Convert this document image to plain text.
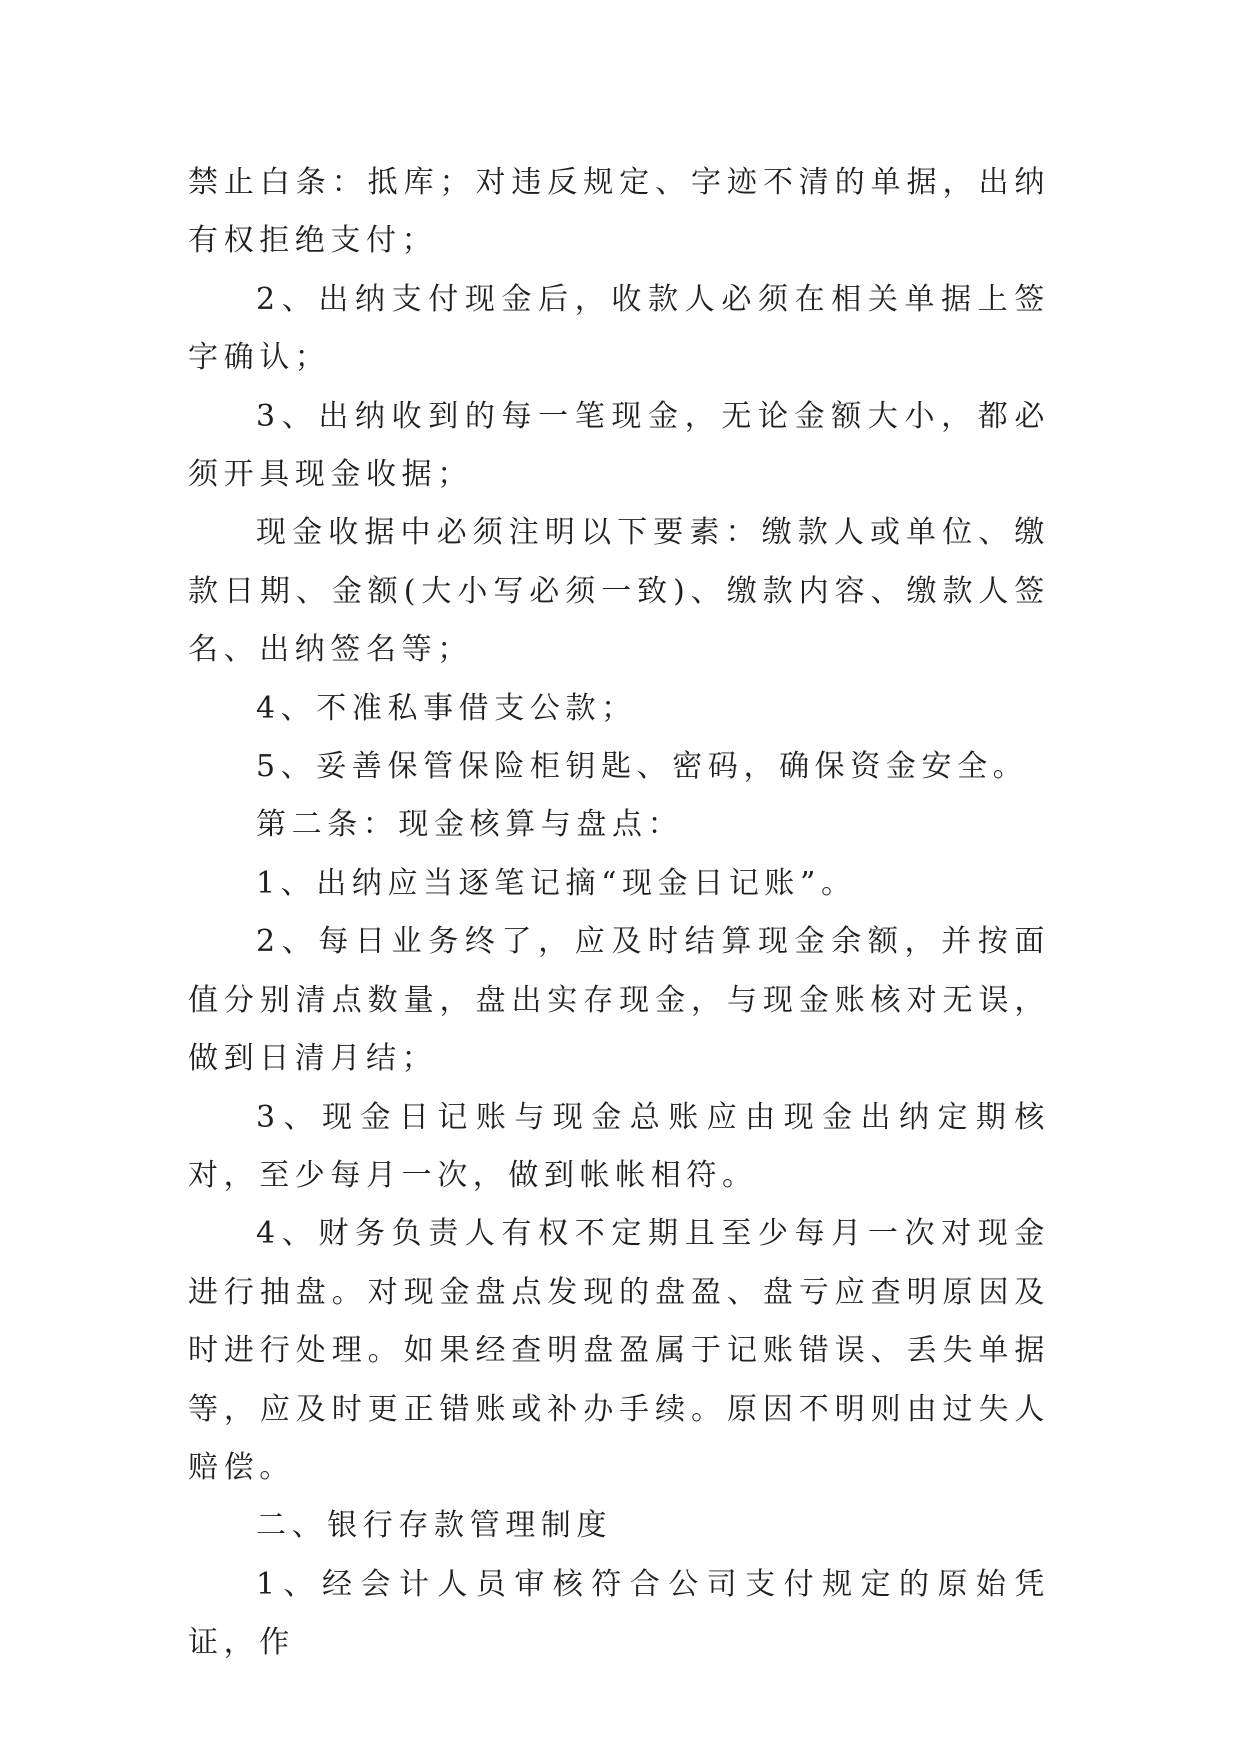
禁止白条：抵库；对违反规定、字迹不清的单据，出纳有权拒绝支付；

2、出纳支付现金后，收款人必须在相关单据上签字确认；

3、出纳收到的每一笔现金，无论金额大小，都必须开具现金收据；

现金收据中必须注明以下要素：缴款人或单位、缴款日期、金额(大小写必须一致)、缴款内容、缴款人签名、出纳签名等；

4、不准私事借支公款；

5、妥善保管保险柜钥匙、密码，确保资金安全。

第二条：现金核算与盘点：

1、出纳应当逐笔记摘“现金日记账”。

2、每日业务终了，应及时结算现金余额，并按面值分别清点数量，盘出实存现金，与现金账核对无误，做到日清月结；

3、现金日记账与现金总账应由现金出纳定期核对，至少每月一次，做到帐帐相符。

4、财务负责人有权不定期且至少每月一次对现金进行抽盘。对现金盘点发现的盘盈、盘亏应查明原因及时进行处理。如果经查明盘盈属于记账错误、丢失单据等，应及时更正错账或补办手续。原因不明则由过失人赔偿。

二、银行存款管理制度

1、经会计人员审核符合公司支付规定的原始凭证，作
